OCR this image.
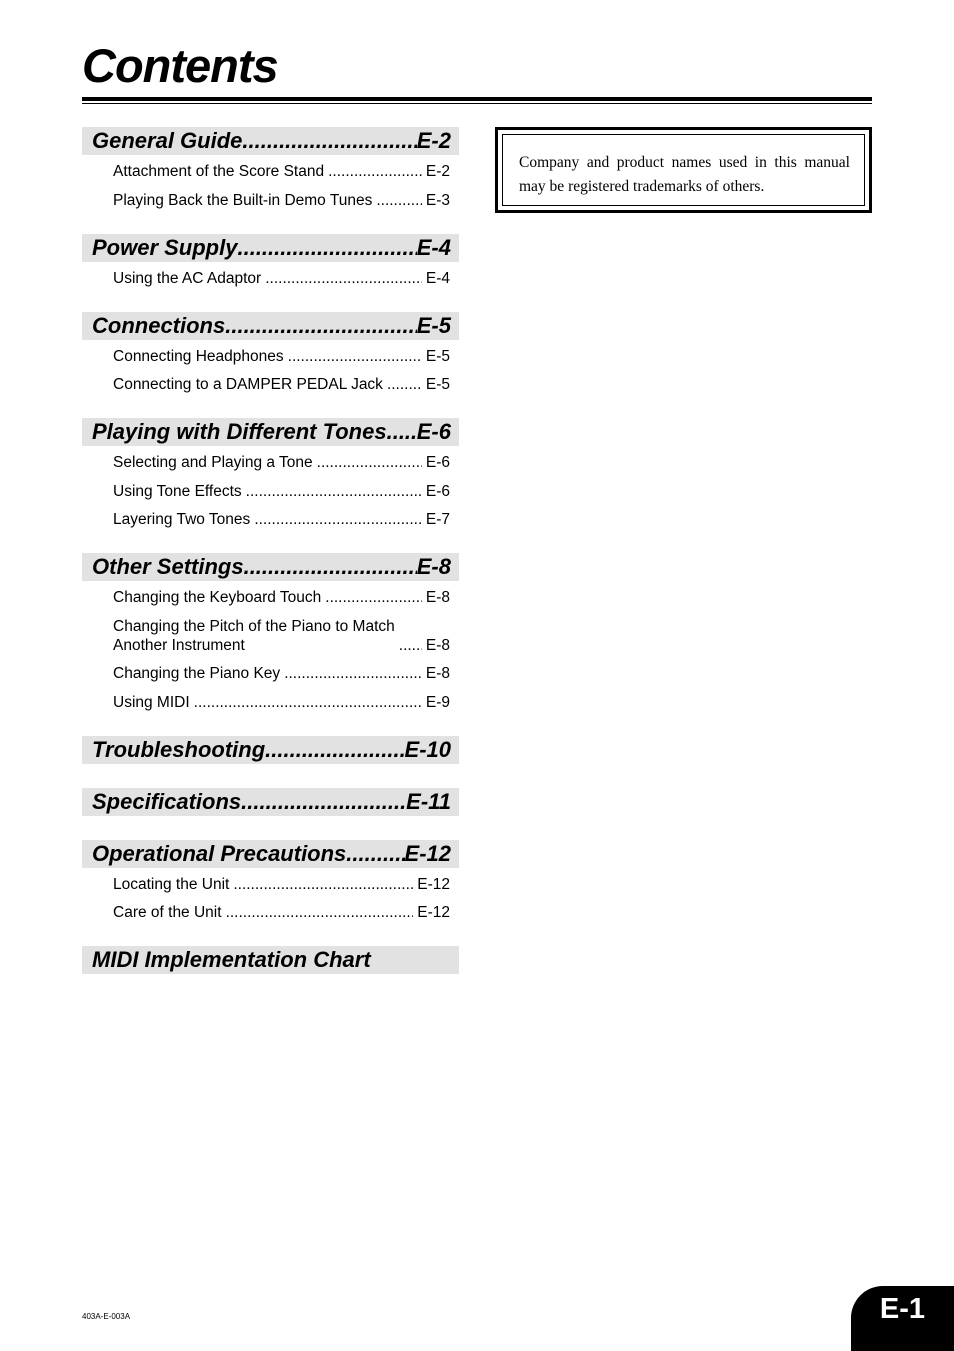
Contents
General Guide .....	E-2
Attachment of the Score Stand .....	E-2
Playing Back the Built-in Demo Tunes .....	E-3
Power Supply .....	E-4
Using the AC Adaptor .....	E-4
Connections .....	E-5
Connecting Headphones .....	E-5
Connecting to a DAMPER PEDAL Jack .....	E-5
Playing with Different Tones ..... E-6
Selecting and Playing a Tone .....	E-6
Using Tone Effects .....	E-6
Layering Two Tones .....	E-7
Other Settings .....	E-8
Changing the Keyboard Touch .....	E-8
Changing the Pitch of the Piano to Match
Another Instrument .....	E-8
Changing the Piano Key .....	E-8
Using MIDI .....	E-9
Troubleshooting .....	E-10
Specifications .....	E-11
Operational Precautions .....	E-12
Locating the Unit .....	E-12
Care of the Unit .....	E-12
MIDI Implementation Chart
Company and product names used in this manual may be registered trademarks of others.
403A-E-003A	E-1
